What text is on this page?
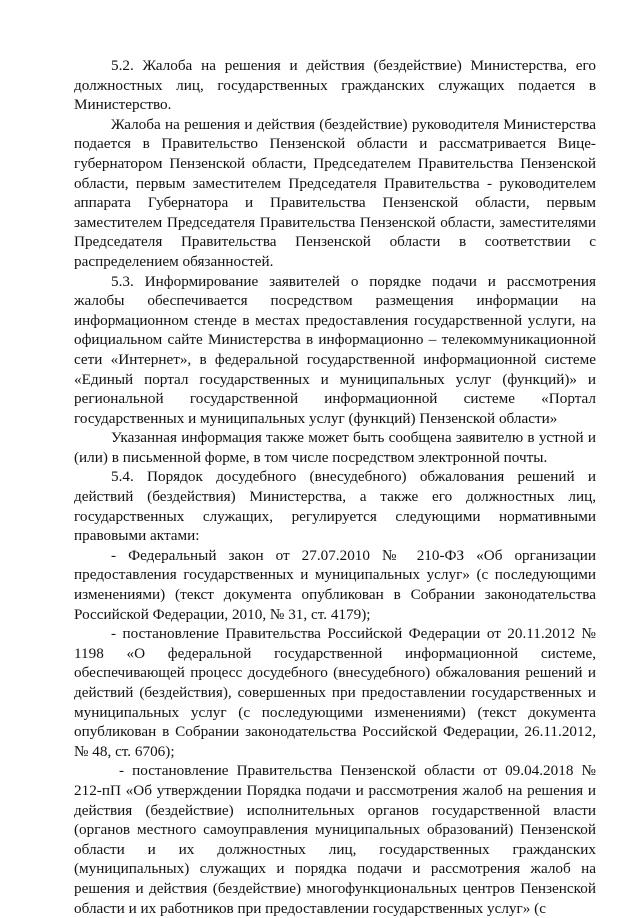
5.2. Жалоба на решения и действия (бездействие) Министерства, его должностных лиц, государственных гражданских служащих подается в Министерство.

Жалоба на решения и действия (бездействие) руководителя Министерства подается в Правительство Пензенской области и рассматривается Вице-губернатором Пензенской области, Председателем Правительства Пензенской области, первым заместителем Председателя Правительства - руководителем аппарата Губернатора и Правительства Пензенской области, первым заместителем Председателя Правительства Пензенской области, заместителями Председателя Правительства Пензенской области в соответствии с распределением обязанностей.

5.3. Информирование заявителей о порядке подачи и рассмотрения жалобы обеспечивается посредством размещения информации на информационном стенде в местах предоставления государственной услуги, на официальном сайте Министерства в информационно – телекоммуникационной сети «Интернет», в федеральной государственной информационной системе «Единый портал государственных и муниципальных услуг (функций)» и региональной государственной информационной системе «Портал государственных и муниципальных услуг (функций) Пензенской области»

Указанная информация также может быть сообщена заявителю в устной и (или) в письменной форме, в том числе посредством электронной почты.

5.4. Порядок досудебного (внесудебного) обжалования решений и действий (бездействия) Министерства, а также его должностных лиц, государственных служащих, регулируется следующими нормативными правовыми актами:

- Федеральный закон от 27.07.2010 № 210-ФЗ «Об организации предоставления государственных и муниципальных услуг» (с последующими изменениями) (текст документа опубликован в Собрании законодательства Российской Федерации, 2010, № 31, ст. 4179);

- постановление Правительства Российской Федерации от 20.11.2012 № 1198 «О федеральной государственной информационной системе, обеспечивающей процесс досудебного (внесудебного) обжалования решений и действий (бездействия), совершенных при предоставлении государственных и муниципальных услуг (с последующими изменениями) (текст документа опубликован в Собрании законодательства Российской Федерации, 26.11.2012, № 48, ст. 6706);

- постановление Правительства Пензенской области от 09.04.2018 № 212-пП «Об утверждении Порядка подачи и рассмотрения жалоб на решения и действия (бездействие) исполнительных органов государственной власти (органов местного самоуправления муниципальных образований) Пензенской области и их должностных лиц, государственных гражданских (муниципальных) служащих и порядка подачи и рассмотрения жалоб на решения и действия (бездействие) многофункциональных центров Пензенской области и их работников при предоставлении государственных услуг» (с
